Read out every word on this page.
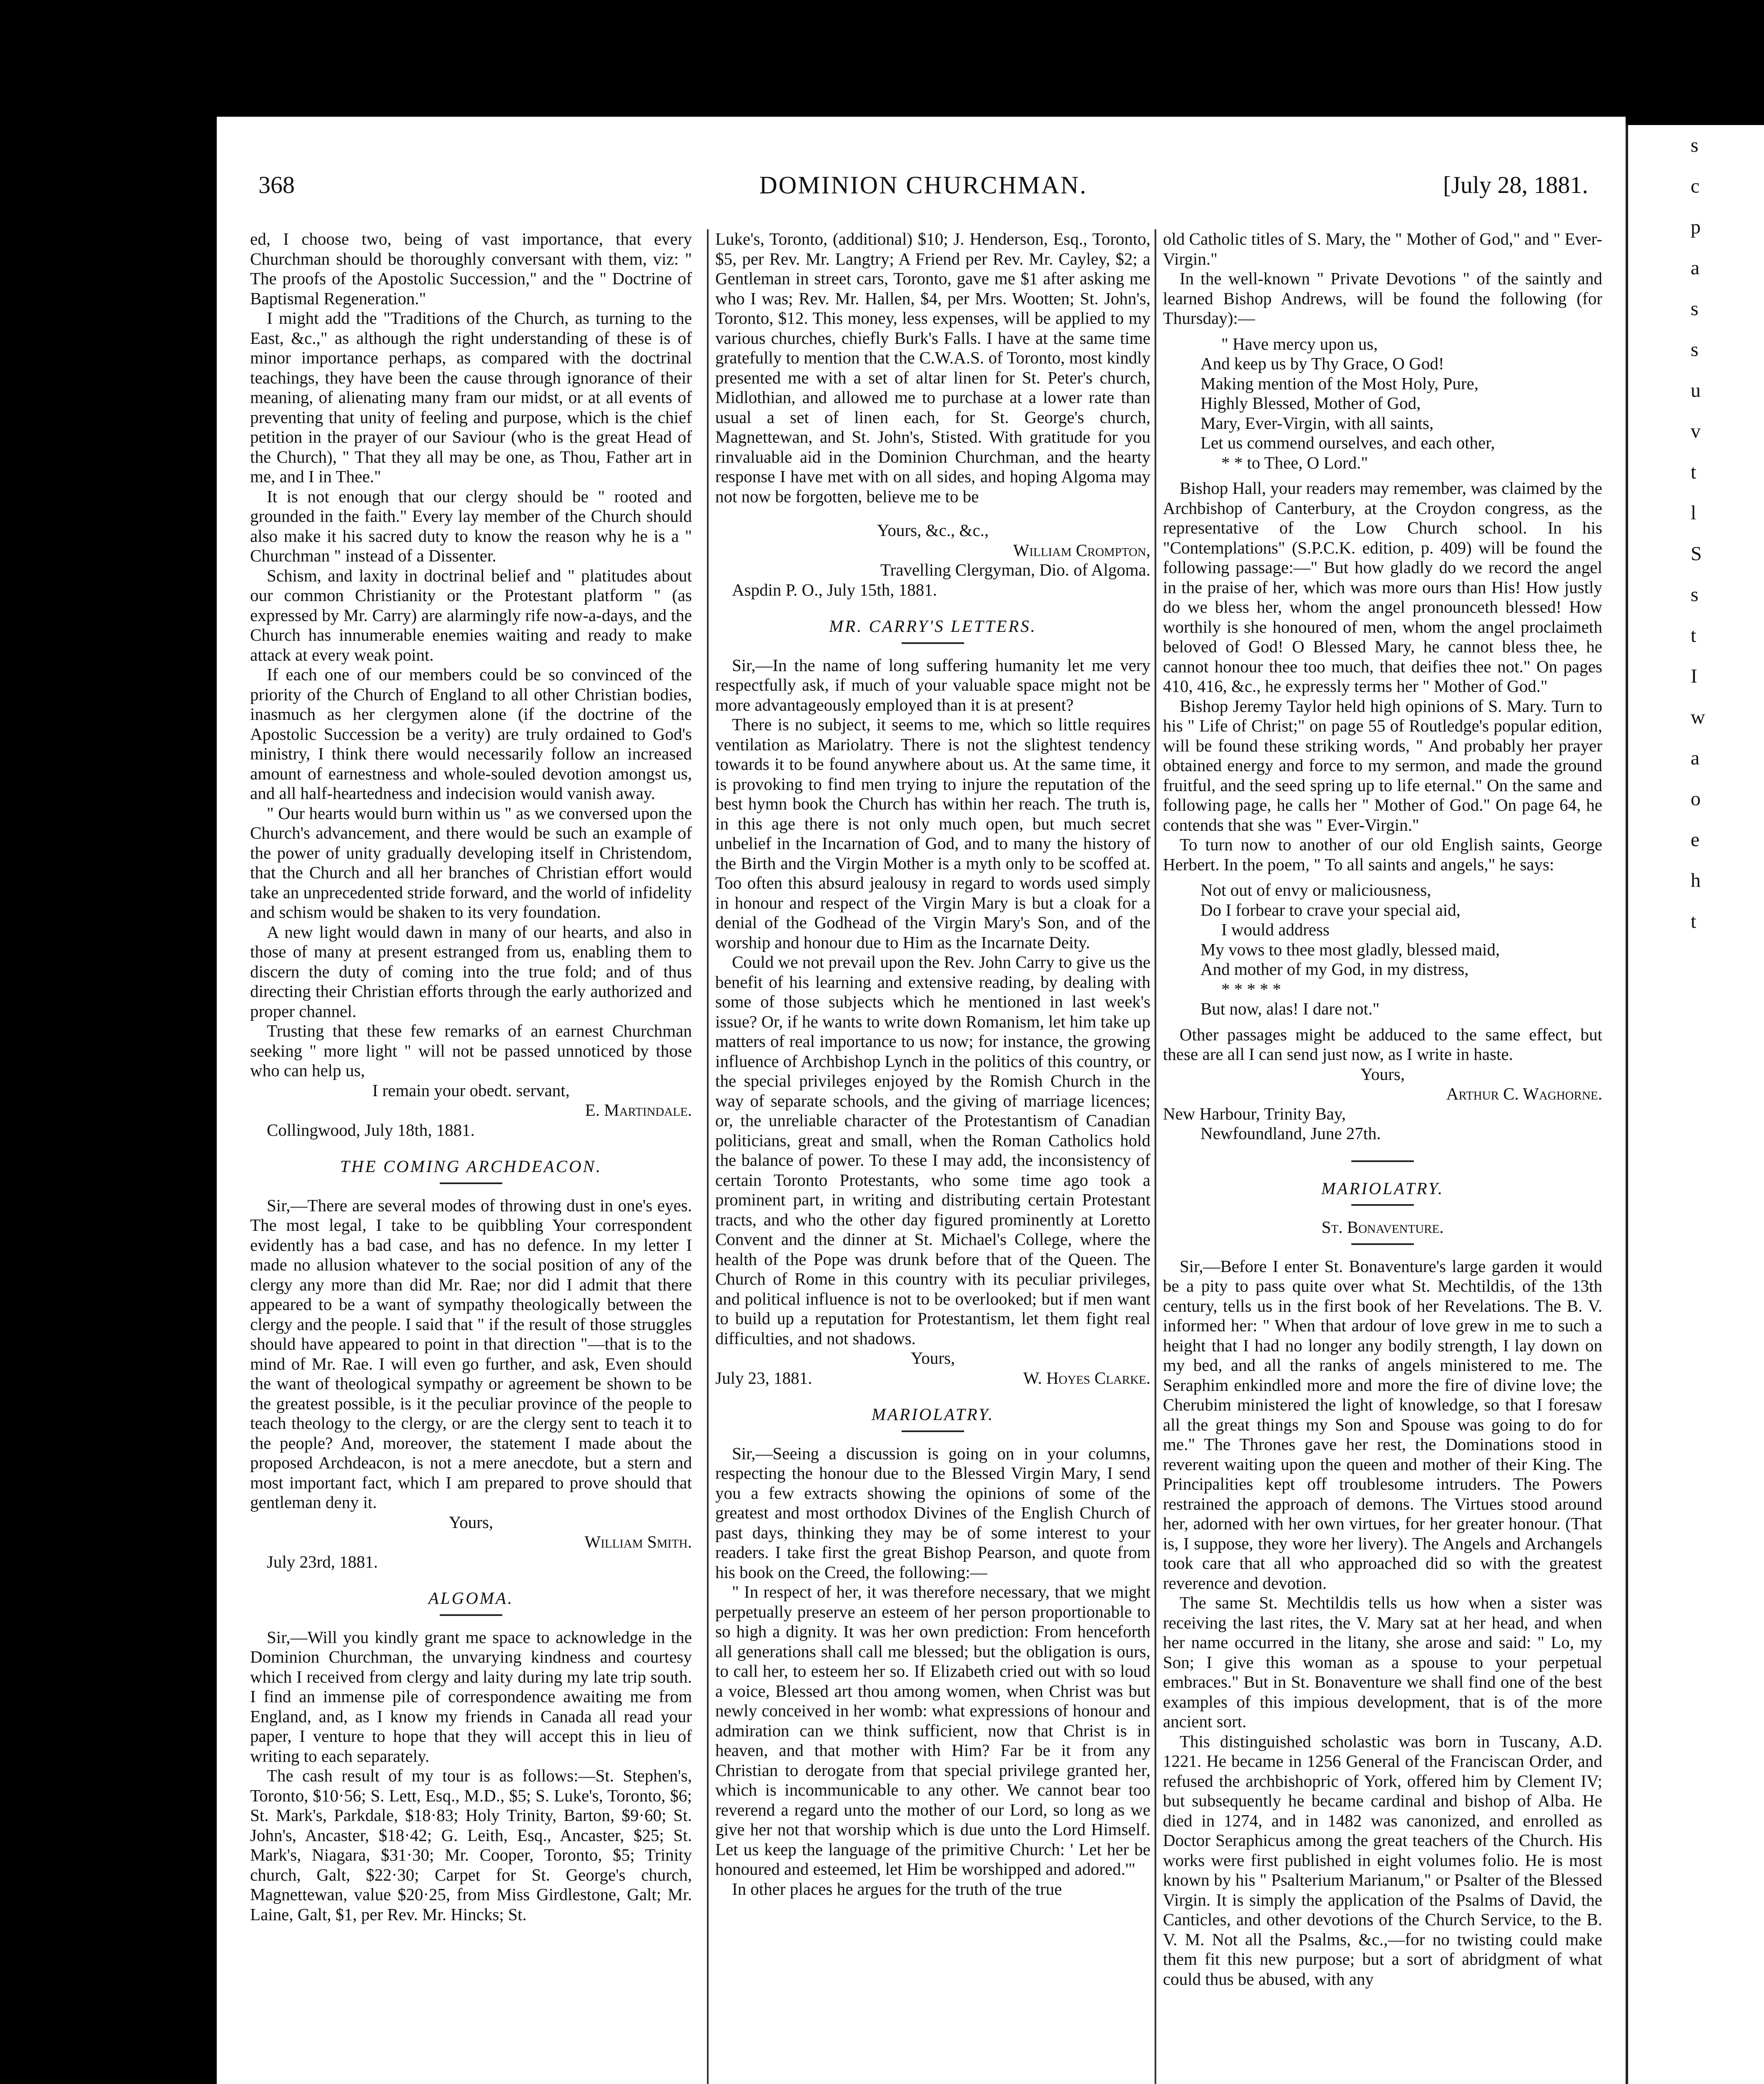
368	DOMINION CHURCHMAN.	[July 28, 1881.

ed, I choose two, being of vast importance, that every Churchman should be thoroughly conversant with them, viz: " The proofs of the Apostolic Succession," and the " Doctrine of Baptismal Regeneration."

I might add the "Traditions of the Church, as turning to the East, &c.," as although the right understanding of these is of minor importance perhaps, as compared with the doctrinal teachings, they have been the cause through ignorance of their meaning, of alienating many fram our midst, or at all events of preventing that unity of feeling and purpose, which is the chief petition in the prayer of our Saviour (who is the great Head of the Church), " That they all may be one, as Thou, Father art in me, and I in Thee."

It is not enough that our clergy should be " rooted and grounded in the faith." Every lay member of the Church should also make it his sacred duty to know the reason why he is a " Churchman " instead of a Dissenter.

Schism, and laxity in doctrinal belief and " platitudes about our common Christianity or the Protestant platform " (as expressed by Mr. Carry) are alarmingly rife now-a-days, and the Church has innumerable enemies waiting and ready to make attack at every weak point.

If each one of our members could be so convinced of the priority of the Church of England to all other Christian bodies, inasmuch as her clergymen alone (if the doctrine of the Apostolic Succession be a verity) are truly ordained to God's ministry, I think there would necessarily follow an increased amount of earnestness and whole-souled devotion amongst us, and all half-heartedness and indecision would vanish away.

" Our hearts would burn within us " as we conversed upon the Church's advancement, and there would be such an example of the power of unity gradually developing itself in Christendom, that the Church and all her branches of Christian effort would take an unprecedented stride forward, and the world of infidelity and schism would be shaken to its very foundation.

A new light would dawn in many of our hearts, and also in those of many at present estranged from us, enabling them to discern the duty of coming into the true fold; and of thus directing their Christian efforts through the early authorized and proper channel.

Trusting that these few remarks of an earnest Churchman seeking " more light " will not be passed unnoticed by those who can help us,

I remain your obedt. servant,

E. Martindale.

Collingwood, July 18th, 1881.

THE COMING ARCHDEACON.

Sir,—There are several modes of throwing dust in one's eyes. The most legal, I take to be quibbling Your correspondent evidently has a bad case, and has no defence. In my letter I made no allusion whatever to the social position of any of the clergy any more than did Mr. Rae; nor did I admit that there appeared to be a want of sympathy theologically between the clergy and the people. I said that " if the result of those struggles should have appeared to point in that direction "—that is to the mind of Mr. Rae. I will even go further, and ask, Even should the want of theological sympathy or agreement be shown to be the greatest possible, is it the peculiar province of the people to teach theology to the clergy, or are the clergy sent to teach it to the people? And, moreover, the statement I made about the proposed Archdeacon, is not a mere anecdote, but a stern and most important fact, which I am prepared to prove should that gentleman deny it.

Yours,

William Smith.

July 23rd, 1881.

ALGOMA.

Sir,—Will you kindly grant me space to acknowledge in the Dominion Churchman, the unvarying kindness and courtesy which I received from clergy and laity during my late trip south. I find an immense pile of correspondence awaiting me from England, and, as I know my friends in Canada all read your paper, I venture to hope that they will accept this in lieu of writing to each separately.

The cash result of my tour is as follows:—St. Stephen's, Toronto, $10·56; S. Lett, Esq., M.D., $5; S. Luke's, Toronto, $6; St. Mark's, Parkdale, $18·83; Holy Trinity, Barton, $9·60; St. John's, Ancaster, $18·42; G. Leith, Esq., Ancaster, $25; St. Mark's, Niagara, $31·30; Mr. Cooper, Toronto, $5; Trinity church, Galt, $22·30; Carpet for St. George's church, Magnettewan, value $20·25, from Miss Girdlestone, Galt; Mr. Laine, Galt, $1, per Rev. Mr. Hincks; St.

Luke's, Toronto, (additional) $10; J. Henderson, Esq., Toronto, $5, per Rev. Mr. Langtry; A Friend per Rev. Mr. Cayley, $2; a Gentleman in street cars, Toronto, gave me $1 after asking me who I was; Rev. Mr. Hallen, $4, per Mrs. Wootten; St. John's, Toronto, $12. This money, less expenses, will be applied to my various churches, chiefly Burk's Falls. I have at the same time gratefully to mention that the C.W.A.S. of Toronto, most kindly presented me with a set of altar linen for St. Peter's church, Midlothian, and allowed me to purchase at a lower rate than usual a set of linen each, for St. George's church, Magnettewan, and St. John's, Stisted. With gratitude for you rinvaluable aid in the Dominion Churchman, and the hearty response I have met with on all sides, and hoping Algoma may not now be forgotten, believe me to be

Yours, &c., &c.,

William Crompton,

Travelling Clergyman, Dio. of Algoma.

Aspdin P. O., July 15th, 1881.

MR. CARRY'S LETTERS.

Sir,—In the name of long suffering humanity let me very respectfully ask, if much of your valuable space might not be more advantageously employed than it is at present?

There is no subject, it seems to me, which so little requires ventilation as Mariolatry. There is not the slightest tendency towards it to be found anywhere about us. At the same time, it is provoking to find men trying to injure the reputation of the best hymn book the Church has within her reach. The truth is, in this age there is not only much open, but much secret unbelief in the Incarnation of God, and to many the history of the Birth and the Virgin Mother is a myth only to be scoffed at. Too often this absurd jealousy in regard to words used simply in honour and respect of the Virgin Mary is but a cloak for a denial of the Godhead of the Virgin Mary's Son, and of the worship and honour due to Him as the Incarnate Deity.

Could we not prevail upon the Rev. John Carry to give us the benefit of his learning and extensive reading, by dealing with some of those subjects which he mentioned in last week's issue? Or, if he wants to write down Romanism, let him take up matters of real importance to us now; for instance, the growing influence of Archbishop Lynch in the politics of this country, or the special privileges enjoyed by the Romish Church in the way of separate schools, and the giving of marriage licences; or, the unreliable character of the Protestantism of Canadian politicians, great and small, when the Roman Catholics hold the balance of power. To these I may add, the inconsistency of certain Toronto Protestants, who some time ago took a prominent part, in writing and distributing certain Protestant tracts, and who the other day figured prominently at Loretto Convent and the dinner at St. Michael's College, where the health of the Pope was drunk before that of the Queen. The Church of Rome in this country with its peculiar privileges, and political influence is not to be overlooked; but if men want to build up a reputation for Protestantism, let them fight real difficulties, and not shadows.

Yours,

July 23, 1881.	W. Hoyes Clarke.

MARIOLATRY.

Sir,—Seeing a discussion is going on in your columns, respecting the honour due to the Blessed Virgin Mary, I send you a few extracts showing the opinions of some of the greatest and most orthodox Divines of the English Church of past days, thinking they may be of some interest to your readers. I take first the great Bishop Pearson, and quote from his book on the Creed, the following:—

" In respect of her, it was therefore necessary, that we might perpetually preserve an esteem of her person proportionable to so high a dignity. It was her own prediction: From henceforth all generations shall call me blessed; but the obligation is ours, to call her, to esteem her so. If Elizabeth cried out with so loud a voice, Blessed art thou among women, when Christ was but newly conceived in her womb: what expressions of honour and admiration can we think sufficient, now that Christ is in heaven, and that mother with Him? Far be it from any Christian to derogate from that special privilege granted her, which is incommunicable to any other. We cannot bear too reverend a regard unto the mother of our Lord, so long as we give her not that worship which is due unto the Lord Himself. Let us keep the language of the primitive Church: ' Let her be honoured and esteemed, let Him be worshipped and adored.'"

In other places he argues for the truth of the true

old Catholic titles of S. Mary, the " Mother of God," and " Ever-Virgin."

In the well-known " Private Devotions " of the saintly and learned Bishop Andrews, will be found the following (for Thursday):—

" Have mercy upon us,

And keep us by Thy Grace, O God!

Making mention of the Most Holy, Pure,

Highly Blessed, Mother of God,

Mary, Ever-Virgin, with all saints,

Let us commend ourselves, and each other,

* * to Thee, O Lord."

Bishop Hall, your readers may remember, was claimed by the Archbishop of Canterbury, at the Croydon congress, as the representative of the Low Church school. In his "Contemplations" (S.P.C.K. edition, p. 409) will be found the following passage:—" But how gladly do we record the angel in the praise of her, which was more ours than His! How justly do we bless her, whom the angel pronounceth blessed! How worthily is she honoured of men, whom the angel proclaimeth beloved of God! O Blessed Mary, he cannot bless thee, he cannot honour thee too much, that deifies thee not." On pages 410, 416, &c., he expressly terms her " Mother of God."

Bishop Jeremy Taylor held high opinions of S. Mary. Turn to his " Life of Christ;" on page 55 of Routledge's popular edition, will be found these striking words, " And probably her prayer obtained energy and force to my sermon, and made the ground fruitful, and the seed spring up to life eternal." On the same and following page, he calls her " Mother of God." On page 64, he contends that she was " Ever-Virgin."

To turn now to another of our old English saints, George Herbert. In the poem, " To all saints and angels," he says:

Not out of envy or maliciousness,

Do I forbear to crave your special aid,

I would address

My vows to thee most gladly, blessed maid,

And mother of my God, in my distress,

* * * * *

But now, alas! I dare not."

Other passages might be adduced to the same effect, but these are all I can send just now, as I write in haste.

Yours,

Arthur C. Waghorne.

New Harbour, Trinity Bay,

Newfoundland, June 27th.

MARIOLATRY.

St. Bonaventure.

Sir,—Before I enter St. Bonaventure's large garden it would be a pity to pass quite over what St. Mechtildis, of the 13th century, tells us in the first book of her Revelations. The B. V. informed her: " When that ardour of love grew in me to such a height that I had no longer any bodily strength, I lay down on my bed, and all the ranks of angels ministered to me. The Seraphim enkindled more and more the fire of divine love; the Cherubim ministered the light of knowledge, so that I foresaw all the great things my Son and Spouse was going to do for me." The Thrones gave her rest, the Dominations stood in reverent waiting upon the queen and mother of their King. The Principalities kept off troublesome intruders. The Powers restrained the approach of demons. The Virtues stood around her, adorned with her own virtues, for her greater honour. (That is, I suppose, they wore her livery). The Angels and Archangels took care that all who approached did so with the greatest reverence and devotion.

The same St. Mechtildis tells us how when a sister was receiving the last rites, the V. Mary sat at her head, and when her name occurred in the litany, she arose and said: " Lo, my Son; I give this woman as a spouse to your perpetual embraces." But in St. Bonaventure we shall find one of the best examples of this impious development, that is of the more ancient sort.

This distinguished scholastic was born in Tuscany, A.D. 1221. He became in 1256 General of the Franciscan Order, and refused the archbishopric of York, offered him by Clement IV; but subsequently he became cardinal and bishop of Alba. He died in 1274, and in 1482 was canonized, and enrolled as Doctor Seraphicus among the great teachers of the Church. His works were first published in eight volumes folio. He is most known by his " Psalterium Marianum," or Psalter of the Blessed Virgin. It is simply the application of the Psalms of David, the Canticles, and other devotions of the Church Service, to the B. V. M. Not all the Psalms, &c.,—for no twisting could make them fit this new purpose; but a sort of abridgment of what could thus be abused, with any

s
c
p
a
s
s
u
v
t
l
S
s
t
I
w
a
o
e
h
t
